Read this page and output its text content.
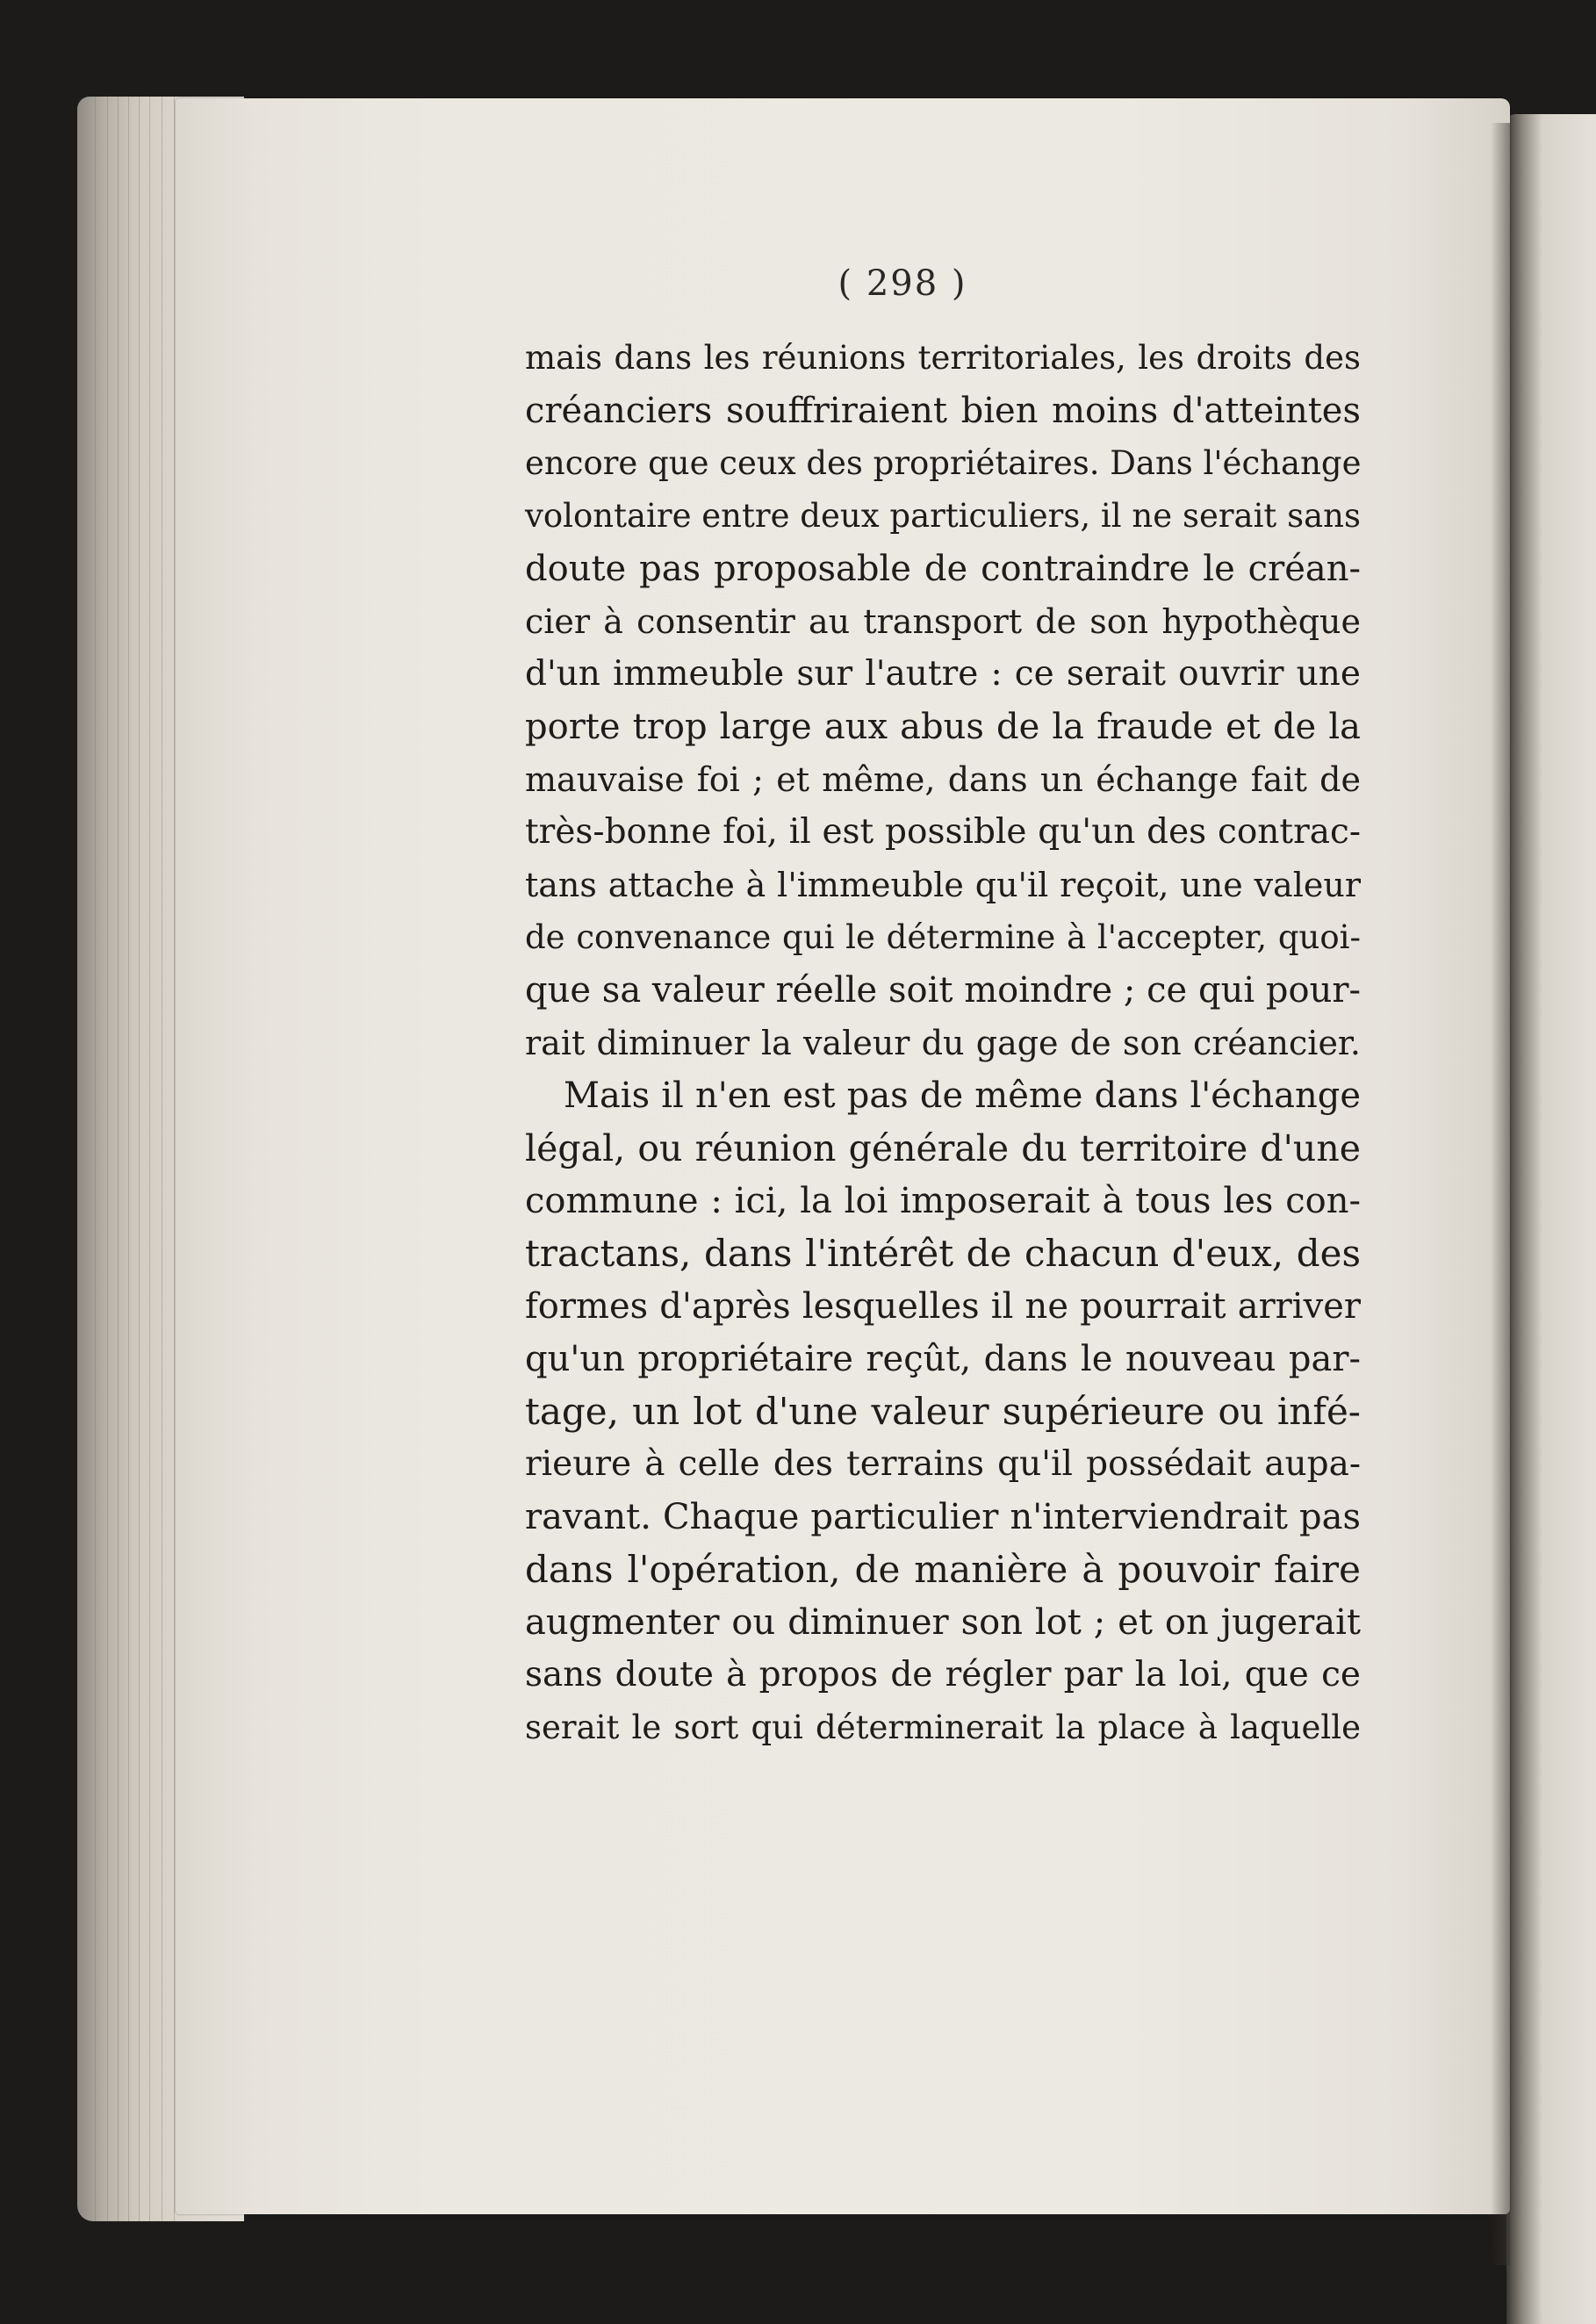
( 298 )
mais dans les réunions territoriales, les droits des
créanciers souffriraient bien moins d'atteintes
encore que ceux des propriétaires. Dans l'échange
volontaire entre deux particuliers, il ne serait sans
doute pas proposable de contraindre le créan-
cier à consentir au transport de son hypothèque
d'un immeuble sur l'autre : ce serait ouvrir une
porte trop large aux abus de la fraude et de la
mauvaise foi ; et même, dans un échange fait de
très-bonne foi, il est possible qu'un des contrac-
tans attache à l'immeuble qu'il reçoit, une valeur
de convenance qui le détermine à l'accepter, quoi-
que sa valeur réelle soit moindre ; ce qui pour-
rait diminuer la valeur du gage de son créancier.
Mais il n'en est pas de même dans l'échange
légal, ou réunion générale du territoire d'une
commune : ici, la loi imposerait à tous les con-
tractans, dans l'intérêt de chacun d'eux, des
formes d'après lesquelles il ne pourrait arriver
qu'un propriétaire reçût, dans le nouveau par-
tage, un lot d'une valeur supérieure ou infé-
rieure à celle des terrains qu'il possédait aupa-
ravant. Chaque particulier n'interviendrait pas
dans l'opération, de manière à pouvoir faire
augmenter ou diminuer son lot ; et on jugerait
sans doute à propos de régler par la loi, que ce
serait le sort qui déterminerait la place à laquelle
